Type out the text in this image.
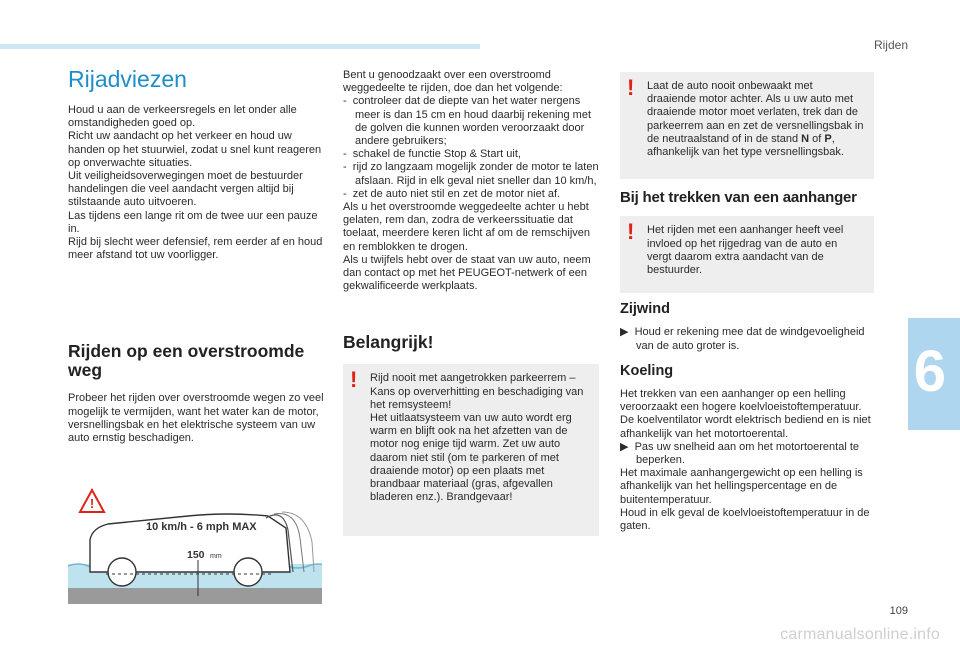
Rijden
6
109
carmanualsonline.info
Rijadviezen

Houd u aan de verkeersregels en let onder alle omstandigheden goed op.

Richt uw aandacht op het verkeer en houd uw handen op het stuurwiel, zodat u snel kunt reageren op onverwachte situaties.

Uit veiligheidsoverwegingen moet de bestuurder handelingen die veel aandacht vergen altijd bij stilstaande auto uitvoeren.

Las tijdens een lange rit om de twee uur een pauze in.

Rijd bij slecht weer defensief, rem eerder af en houd meer afstand tot uw voorligger.

Rijden op een overstroomde weg

Probeer het rijden over overstroomde wegen zo veel mogelijk te vermijden, want het water kan de motor, versnellingsbak en het elektrische systeem van uw auto ernstig beschadigen.

!
10 km/h - 6 mph MAX
150 mm

Bent u genoodzaakt over een overstroomd weggedeelte te rijden, doe dan het volgende:

-  controleer dat de diepte van het water nergens meer is dan 15 cm en houd daarbij rekening met de golven die kunnen worden veroorzaakt door andere gebruikers;

-  schakel de functie Stop & Start uit,

-  rijd zo langzaam mogelijk zonder de motor te laten afslaan. Rijd in elk geval niet sneller dan 10 km/h,

-  zet de auto niet stil en zet de motor niet af.

Als u het overstroomde weggedeelte achter u hebt gelaten, rem dan, zodra de verkeerssituatie dat toelaat, meerdere keren licht af om de remschijven en remblokken te drogen.

Als u twijfels hebt over de staat van uw auto, neem dan contact op met het PEUGEOT-netwerk of een gekwalificeerde werkplaats.

Belangrijk!
! Rijd nooit met aangetrokken parkeerrem – Kans op oververhitting en beschadiging van het remsysteem!

Het uitlaatsysteem van uw auto wordt erg warm en blijft ook na het afzetten van de motor nog enige tijd warm. Zet uw auto daarom niet stil (om te parkeren of met draaiende motor) op een plaats met brandbaar materiaal (gras, afgevallen bladeren enz.). Brandgevaar!

! Laat de auto nooit onbewaakt met draaiende motor achter. Als u uw auto met draaiende motor moet verlaten, trek dan de parkeerrem aan en zet de versnellingsbak in de neutraalstand of in de stand N of P, afhankelijk van het type versnellingsbak.

Bij het trekken van een aanhanger
! Het rijden met een aanhanger heeft veel invloed op het rijgedrag van de auto en vergt daarom extra aandacht van de bestuurder.

Zijwind

▶  Houd er rekening mee dat de windgevoeligheid van de auto groter is.

Koeling

Het trekken van een aanhanger op een helling veroorzaakt een hogere koelvloeistoftemperatuur.

De koelventilator wordt elektrisch bediend en is niet afhankelijk van het motortoerental.

▶  Pas uw snelheid aan om het motortoerental te beperken.

Het maximale aanhangergewicht op een helling is afhankelijk van het hellingspercentage en de buitentemperatuur.

Houd in elk geval de koelvloeistoftemperatuur in de gaten.
